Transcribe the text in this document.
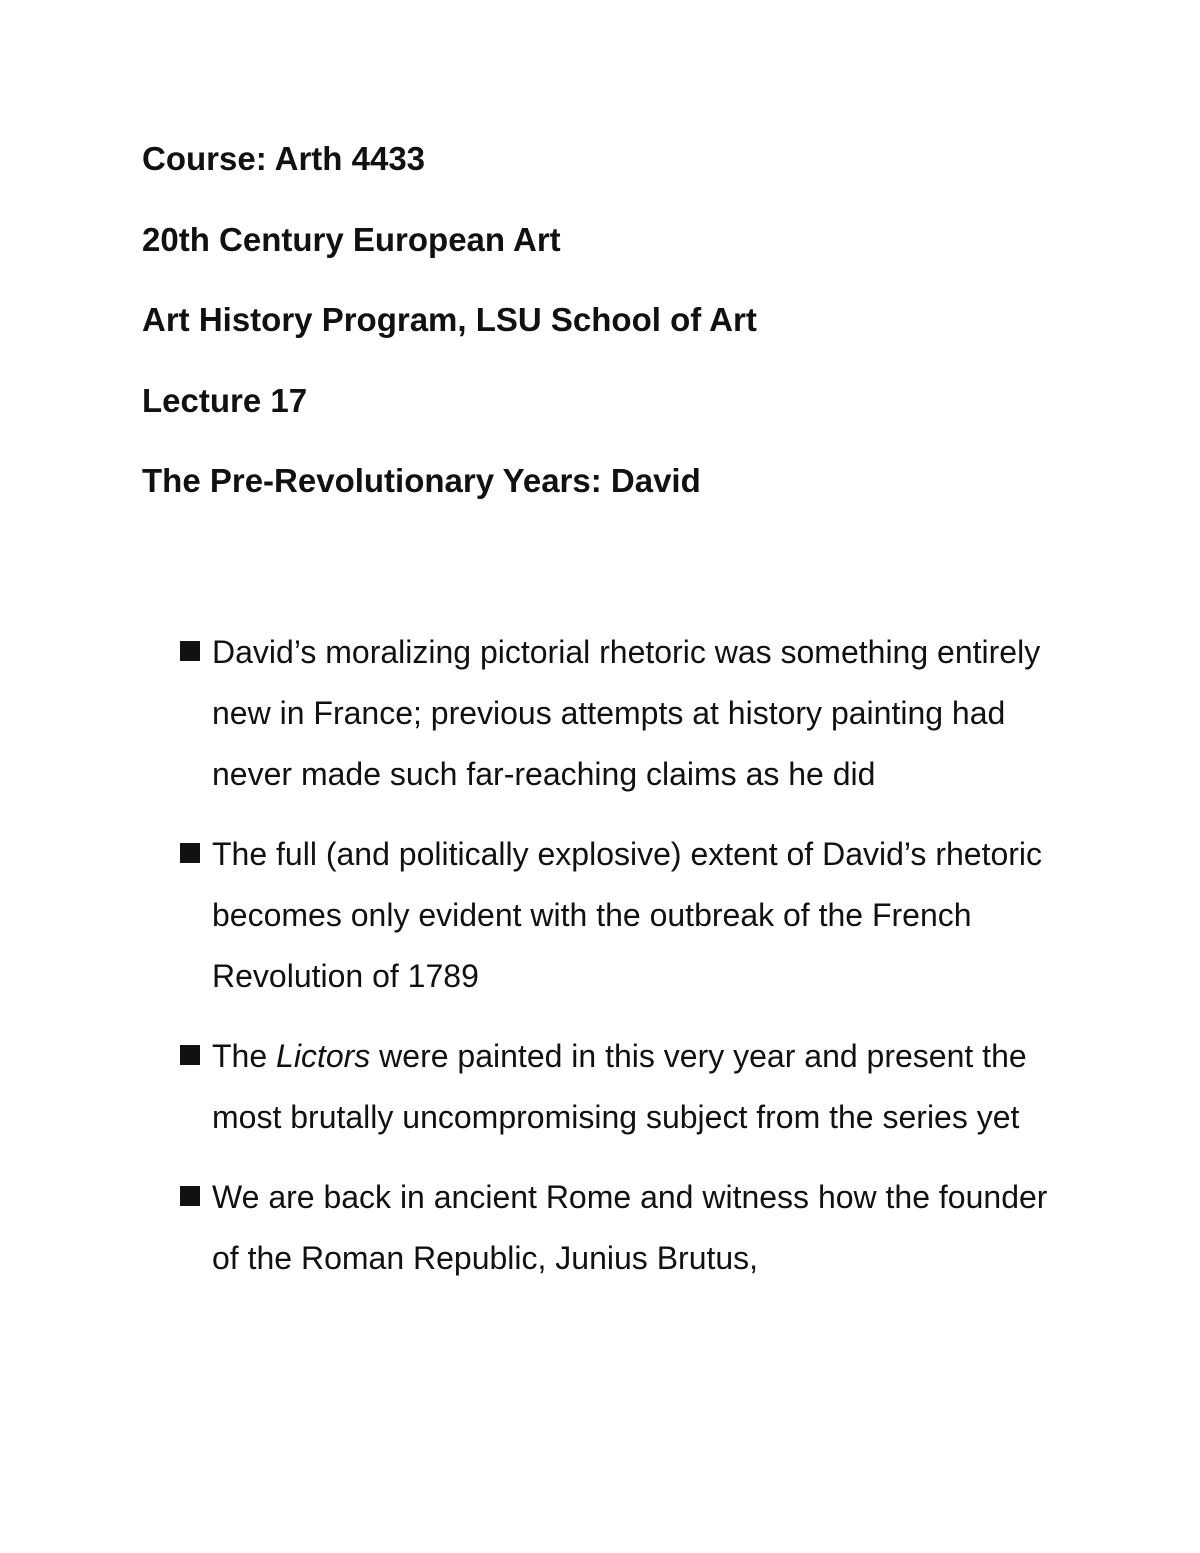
Course: Arth 4433
20th Century European Art
Art History Program, LSU School of Art
Lecture 17
The Pre-Revolutionary Years: David
David’s moralizing pictorial rhetoric was something entirely new in France; previous attempts at history painting had never made such far-reaching claims as he did
The full (and politically explosive) extent of David’s rhetoric becomes only evident with the outbreak of the French Revolution of 1789
The Lictors were painted in this very year and present the most brutally uncompromising subject from the series yet
We are back in ancient Rome and witness how the founder of the Roman Republic, Junius Brutus,
